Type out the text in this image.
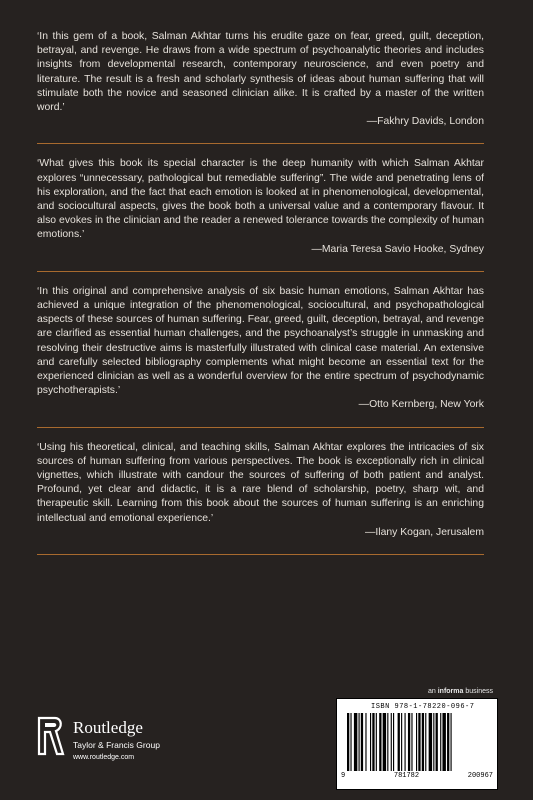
‘In this gem of a book, Salman Akhtar turns his erudite gaze on fear, greed, guilt, deception, betrayal, and revenge. He draws from a wide spectrum of psychoanalytic theories and includes insights from developmental research, contemporary neuroscience, and even poetry and literature. The result is a fresh and scholarly synthesis of ideas about human suffering that will stimulate both the novice and seasoned clinician alike. It is crafted by a master of the written word.’

—Fakhry Davids, London

‘What gives this book its special character is the deep humanity with which Salman Akhtar explores “unnecessary, pathological but remediable suffering”. The wide and penetrating lens of his exploration, and the fact that each emotion is looked at in phenomenological, developmental, and sociocultural aspects, gives the book both a universal value and a contemporary flavour. It also evokes in the clinician and the reader a renewed tolerance towards the complexity of human emotions.’

—Maria Teresa Savio Hooke, Sydney

‘In this original and comprehensive analysis of six basic human emotions, Salman Akhtar has achieved a unique integration of the phenomenological, sociocultural, and psychopathological aspects of these sources of human suffering. Fear, greed, guilt, deception, betrayal, and revenge are clarified as essential human challenges, and the psychoanalyst’s struggle in unmasking and resolving their destructive aims is masterfully illustrated with clinical case material. An extensive and carefully selected bibliography complements what might become an essential text for the experienced clinician as well as a wonderful overview for the entire spectrum of psychodynamic psychotherapists.’

—Otto Kernberg, New York

‘Using his theoretical, clinical, and teaching skills, Salman Akhtar explores the intricacies of six sources of human suffering from various perspectives. The book is exceptionally rich in clinical vignettes, which illustrate with candour the sources of suffering of both patient and analyst. Profound, yet clear and didactic, it is a rare blend of scholarship, poetry, sharp wit, and therapeutic skill. Learning from this book about the sources of human suffering is an enriching intellectual and emotional experience.’

—Ilany Kogan, Jerusalem
an informa business
Routledge
Taylor & Francis Group
www.routledge.com
ISBN 978-1-78220-096-7
9	781782	200967
